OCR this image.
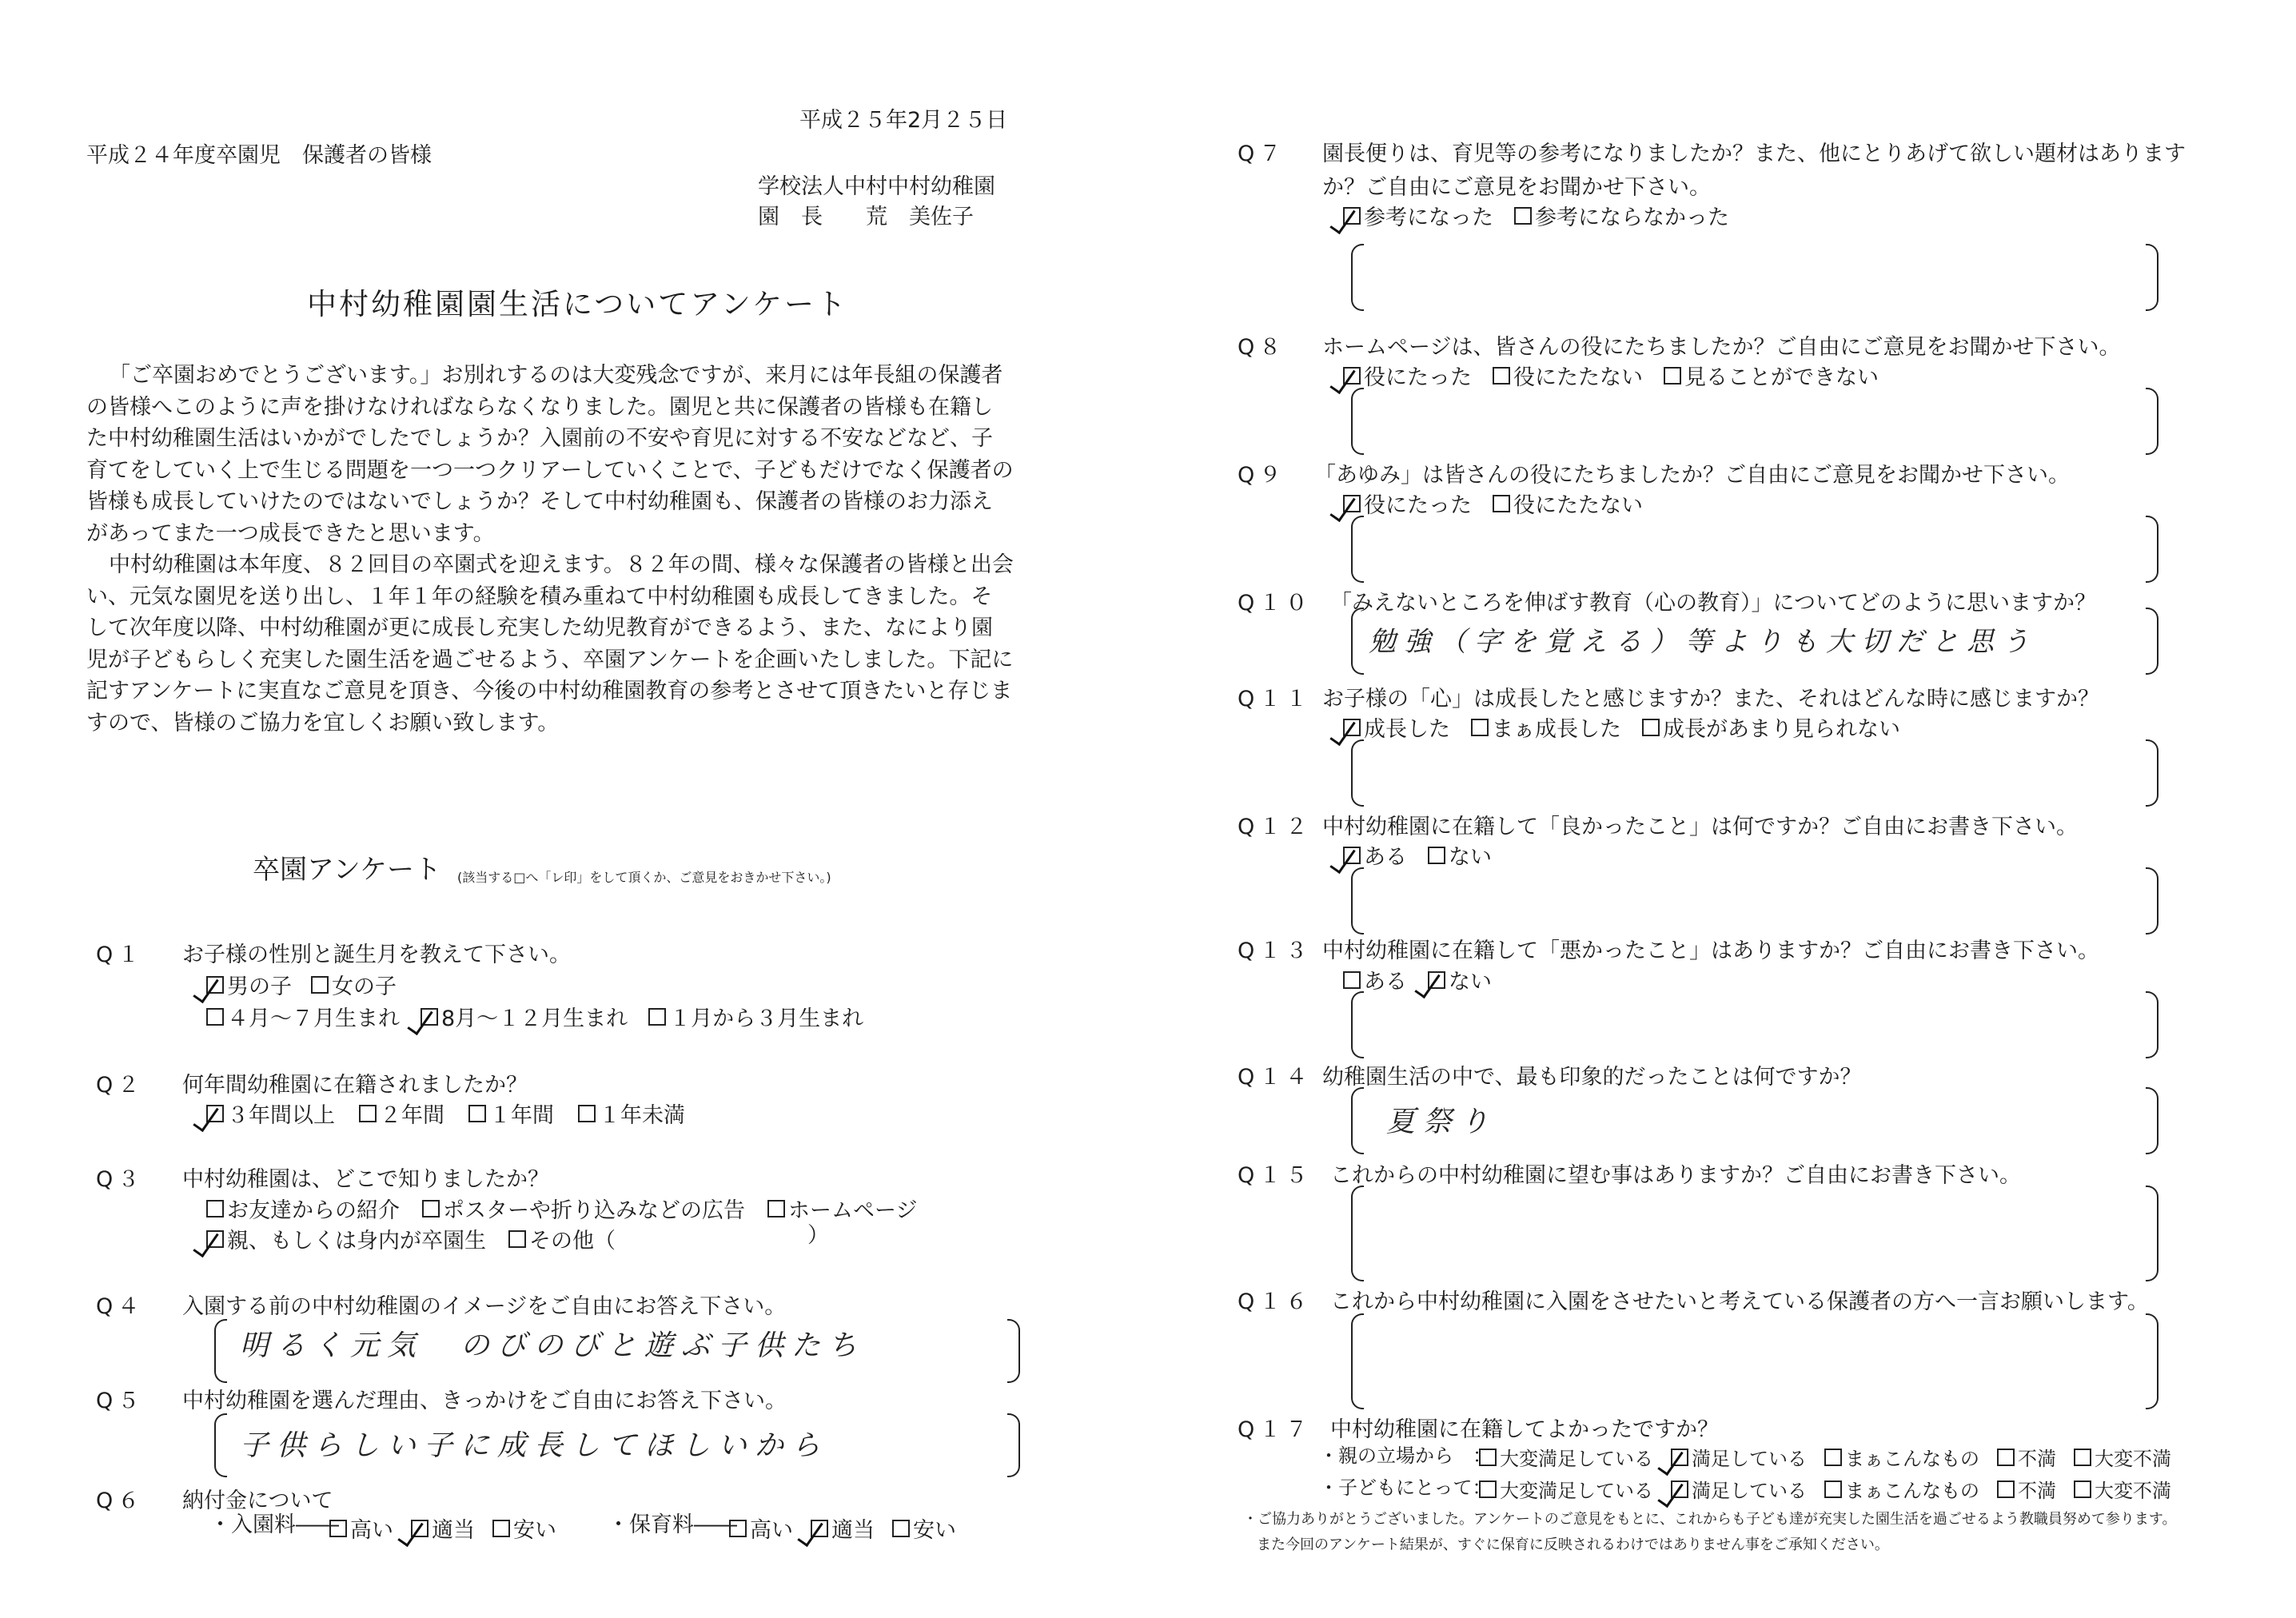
平成２５年2月２５日
平成２４年度卒園児　保護者の皆様
学校法人中村中村幼稚園
園　長　　荒　美佐子
中村幼稚園園生活についてアンケート
「ご卒園おめでとうございます。」お別れするのは大変残念ですが、来月には年長組の保護者の皆様へこのように声を掛けなければならなくなりました。園児と共に保護者の皆様も在籍した中村幼稚園生活はいかがでしたでしょうか？入園前の不安や育児に対する不安などなど、子育てをしていく上で生じる問題を一つ一つクリアーしていくことで、子どもだけでなく保護者の皆様も成長していけたのではないでしょうか？そして中村幼稚園も、保護者の皆様のお力添えがあってまた一つ成長できたと思います。
中村幼稚園は本年度、８２回目の卒園式を迎えます。８２年の間、様々な保護者の皆様と出会い、元気な園児を送り出し、１年１年の経験を積み重ねて中村幼稚園も成長してきました。そして次年度以降、中村幼稚園が更に成長し充実した幼児教育ができるよう、また、なにより園児が子どもらしく充実した園生活を過ごせるよう、卒園アンケートを企画いたしました。下記に記すアンケートに実直なご意見を頂き、今後の中村幼稚園教育の参考とさせて頂きたいと存じますので、皆様のご協力を宜しくお願い致します。
卒園アンケート (該当する□へ「レ印」をして頂くか、ご意見をおきかせ下さい。)
Q１ お子様の性別と誕生月を教えて下さい。
男の子 女の子
４月～７月生まれ 8月～１２月生まれ １月から３月生まれ
Q２ 何年間幼稚園に在籍されましたか？
３年間以上 ２年間 １年間 １年未満
Q３ 中村幼稚園は、どこで知りましたか？
お友達からの紹介 ポスターや折り込みなどの広告 ホームページ
親、もしくは身内が卒園生 その他（	）
Q４ 入園する前の中村幼稚園のイメージをご自由にお答え下さい。
明るく元気　のびのびと遊ぶ子供たち
Q５ 中村幼稚園を選んだ理由、きっかけをご自由にお答え下さい。
子供らしい子に成長してほしいから
Q６ 納付金について
・入園料―― 高い 適当 安い ・保育料―― 高い 適当 安い
Q７ 園長便りは、育児等の参考になりましたか？また、他にとりあげて欲しい題材はあります
か？ご自由にご意見をお聞かせ下さい。
参考になった 参考にならなかった
Q８ ホームページは、皆さんの役にたちましたか？ご自由にご意見をお聞かせ下さい。
役にたった 役にたたない 見ることができない
Q９ 「あゆみ」は皆さんの役にたちましたか？ご自由にご意見をお聞かせ下さい。
役にたった 役にたたない
Q１０ 「みえないところを伸ばす教育（心の教育）」についてどのように思いますか？
勉強（字を覚える）等よりも大切だと思う
Q１１ お子様の「心」は成長したと感じますか？また、それはどんな時に感じますか？
成長した まぁ成長した 成長があまり見られない
Q１２ 中村幼稚園に在籍して「良かったこと」は何ですか？ご自由にお書き下さい。
ある ない
Q１３ 中村幼稚園に在籍して「悪かったこと」はありますか？ご自由にお書き下さい。
ある ない
Q１４ 幼稚園生活の中で、最も印象的だったことは何ですか？
夏祭り
Q１５ これからの中村幼稚園に望む事はありますか？ご自由にお書き下さい。
Q１６ これから中村幼稚園に入園をさせたいと考えている保護者の方へ一言お願いします。
Q１７ 中村幼稚園に在籍してよかったですか？
・親の立場から　： 大変満足している 満足している まぁこんなもの 不満 大変不満
・子どもにとって： 大変満足している 満足している まぁこんなもの 不満 大変不満
・ご協力ありがとうございました。アンケートのご意見をもとに、これからも子ども達が充実した園生活を過ごせるよう教職員努めて参ります。
また今回のアンケート結果が、すぐに保育に反映されるわけではありません事をご承知ください。
